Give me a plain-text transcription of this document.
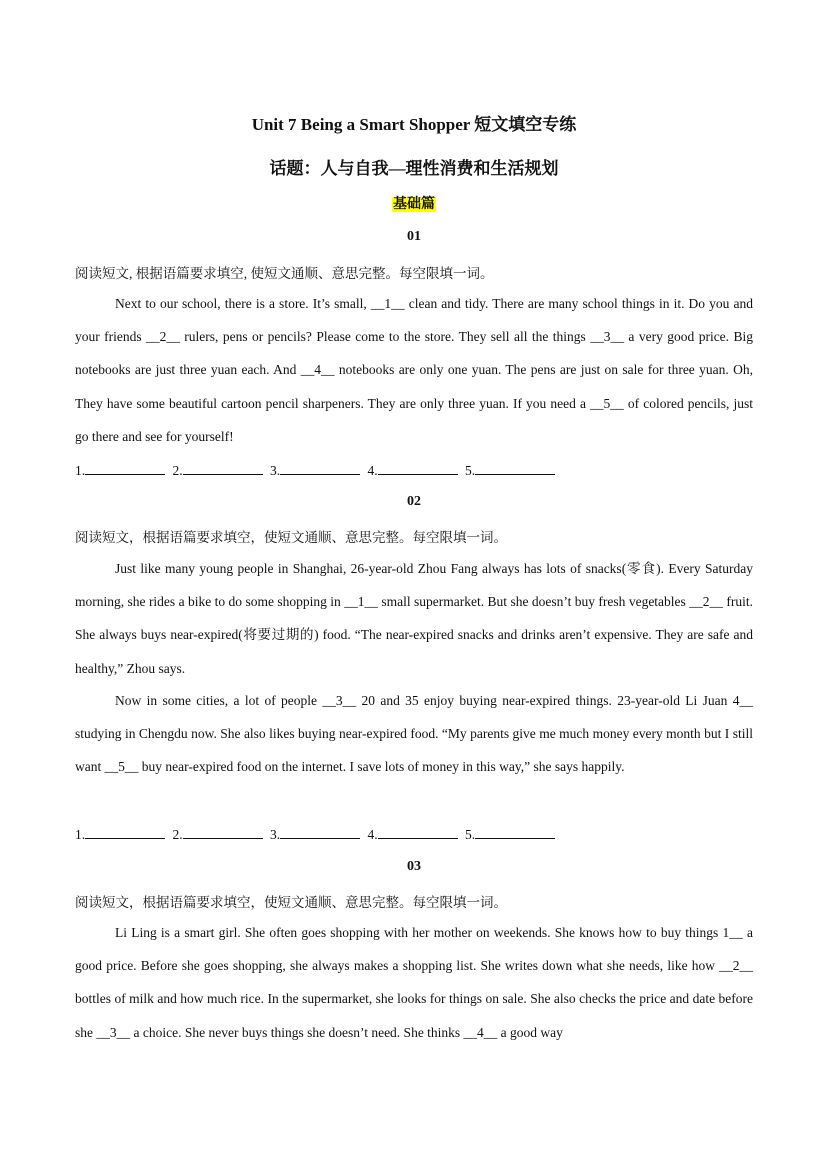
Unit 7 Being a Smart Shopper 短文填空专练
话题：人与自我—理性消费和生活规划
基础篇
01
阅读短文, 根据语篇要求填空, 使短文通顺、意思完整。每空限填一词。
Next to our school, there is a store. It’s small, __1__ clean and tidy. There are many school things in it. Do you and your friends __2__ rulers, pens or pencils? Please come to the store. They sell all the things __3__ a very good price. Big notebooks are just three yuan each. And __4__ notebooks are only one yuan. The pens are just on sale for three yuan. Oh, They have some beautiful cartoon pencil sharpeners. They are only three yuan. If you need a __5__ of colored pencils, just go there and see for yourself!
1.	2.	3.	4.	5.
02
阅读短文，根据语篇要求填空，使短文通顺、意思完整。每空限填一词。
Just like many young people in Shanghai, 26-year-old Zhou Fang always has lots of snacks(零食). Every Saturday morning, she rides a bike to do some shopping in __1__ small supermarket. But she doesn’t buy fresh vegetables __2__ fruit. She always buys near-expired(将要过期的) food. “The near-expired snacks and drinks aren’t expensive. They are safe and healthy,” Zhou says.
Now in some cities, a lot of people __3__ 20 and 35 enjoy buying near-expired things. 23-year-old Li Juan 4__ studying in Chengdu now. She also likes buying near-expired food. “My parents give me much money every month but I still want __5__ buy near-expired food on the internet. I save lots of money in this way,” she says happily.
1.	2.	3.	4.	5.
03
阅读短文，根据语篇要求填空，使短文通顺、意思完整。每空限填一词。
Li Ling is a smart girl. She often goes shopping with her mother on weekends. She knows how to buy things 1__ a good price. Before she goes shopping, she always makes a shopping list. She writes down what she needs, like how __2__ bottles of milk and how much rice. In the supermarket, she looks for things on sale. She also checks the price and date before she __3__ a choice. She never buys things she doesn’t need. She thinks __4__ a good way
